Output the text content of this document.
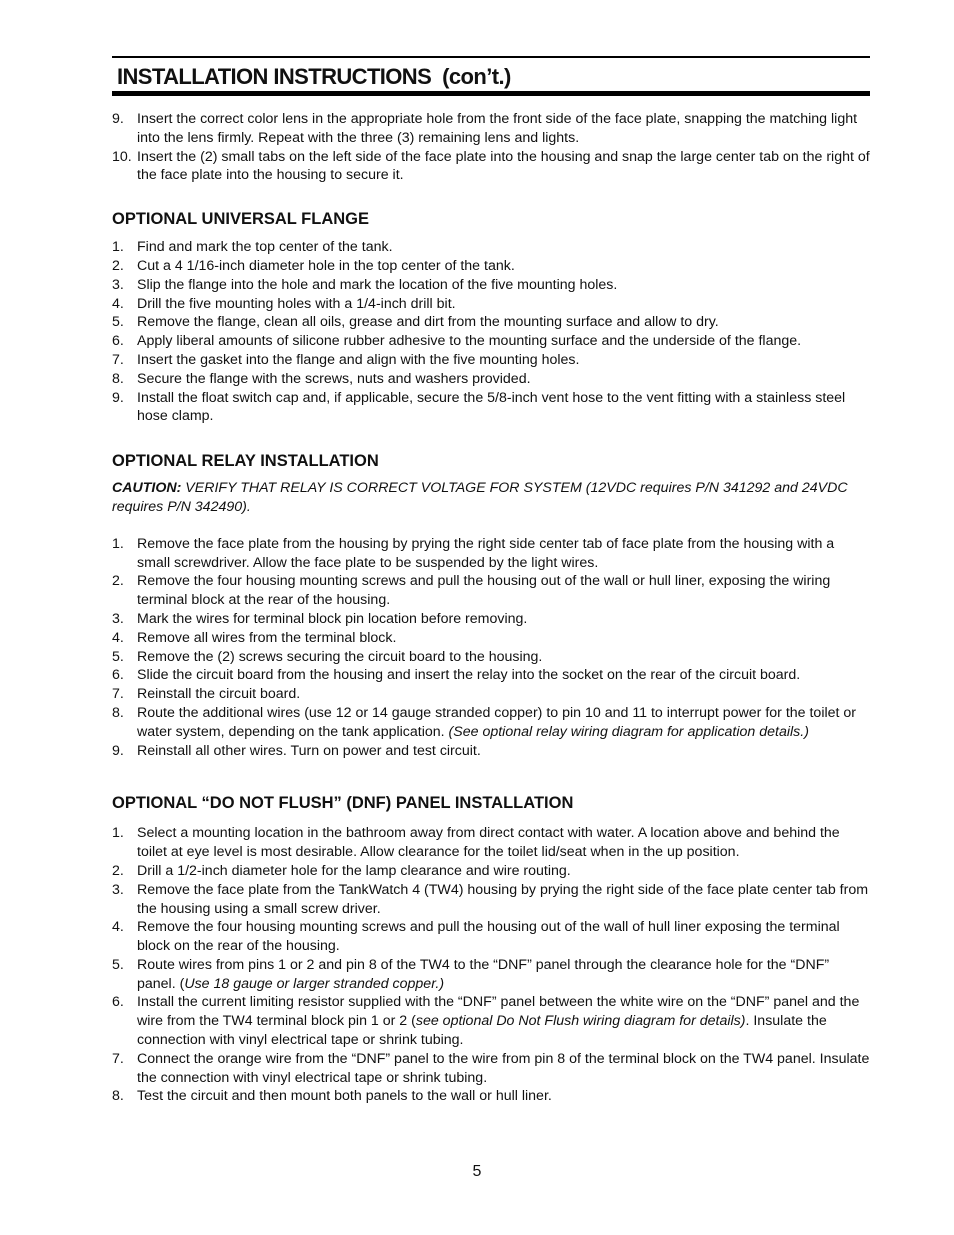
INSTALLATION INSTRUCTIONS  (con’t.)
9. Insert the correct color lens in the appropriate hole from the front side of the face plate, snapping the matching light into the lens firmly. Repeat with the three (3) remaining lens and lights.
10. Insert the (2) small tabs on the left side of the face plate into the housing and snap the large center tab on the right of the face plate into the housing to secure it.
OPTIONAL UNIVERSAL FLANGE
1. Find and mark the top center of the tank.
2. Cut a 4 1/16-inch diameter hole in the top center of the tank.
3. Slip the flange into the hole and mark the location of the five mounting holes.
4. Drill the five mounting holes with a 1/4-inch drill bit.
5. Remove the flange, clean all oils, grease and dirt from the mounting surface and allow to dry.
6. Apply liberal amounts of silicone rubber adhesive to the mounting surface and the underside of the flange.
7. Insert the gasket into the flange and align with the five mounting holes.
8. Secure the flange with the screws, nuts and washers provided.
9. Install the float switch cap and, if applicable, secure the 5/8-inch vent hose to the vent fitting with a stainless steel hose clamp.
OPTIONAL RELAY INSTALLATION
CAUTION: VERIFY THAT RELAY IS CORRECT VOLTAGE FOR SYSTEM (12VDC requires P/N 341292 and 24VDC requires P/N 342490).
1. Remove the face plate from the housing by prying the right side center tab of face plate from the housing with a small screwdriver. Allow the face plate to be suspended by the light wires.
2. Remove the four housing mounting screws and pull the housing out of the wall or hull liner, exposing the wiring terminal block at the rear of the housing.
3. Mark the wires for terminal block pin location before removing.
4. Remove all wires from the terminal block.
5. Remove the (2) screws securing the circuit board to the housing.
6. Slide the circuit board from the housing and insert the relay into the socket on the rear of the circuit board.
7. Reinstall the circuit board.
8. Route the additional wires (use 12 or 14 gauge stranded copper) to pin 10 and 11 to interrupt power for the toilet or water system, depending on the tank application. (See optional relay wiring diagram for application details.)
9. Reinstall all other wires. Turn on power and test circuit.
OPTIONAL “DO NOT FLUSH” (DNF) PANEL INSTALLATION
1. Select a mounting location in the bathroom away from direct contact with water. A location above and behind the toilet at eye level is most desirable. Allow clearance for the toilet lid/seat when in the up position.
2. Drill a 1/2-inch diameter hole for the lamp clearance and wire routing.
3. Remove the face plate from the TankWatch 4 (TW4) housing by prying the right side of the face plate center tab from the housing using a small screw driver.
4. Remove the four housing mounting screws and pull the housing out of the wall of hull liner exposing the terminal block on the rear of the housing.
5. Route wires from pins 1 or 2 and pin 8 of the TW4 to the “DNF” panel through the clearance hole for the “DNF” panel. (Use 18 gauge or larger stranded copper.)
6. Install the current limiting resistor supplied with the “DNF” panel between the white wire on the “DNF” panel and the wire from the TW4 terminal block pin 1 or 2 (see optional Do Not Flush wiring diagram for details). Insulate the connection with vinyl electrical tape or shrink tubing.
7. Connect the orange wire from the “DNF” panel to the wire from pin 8 of the terminal block on the TW4 panel. Insulate the connection with vinyl electrical tape or shrink tubing.
8. Test the circuit and then mount both panels to the wall or hull liner.
5
